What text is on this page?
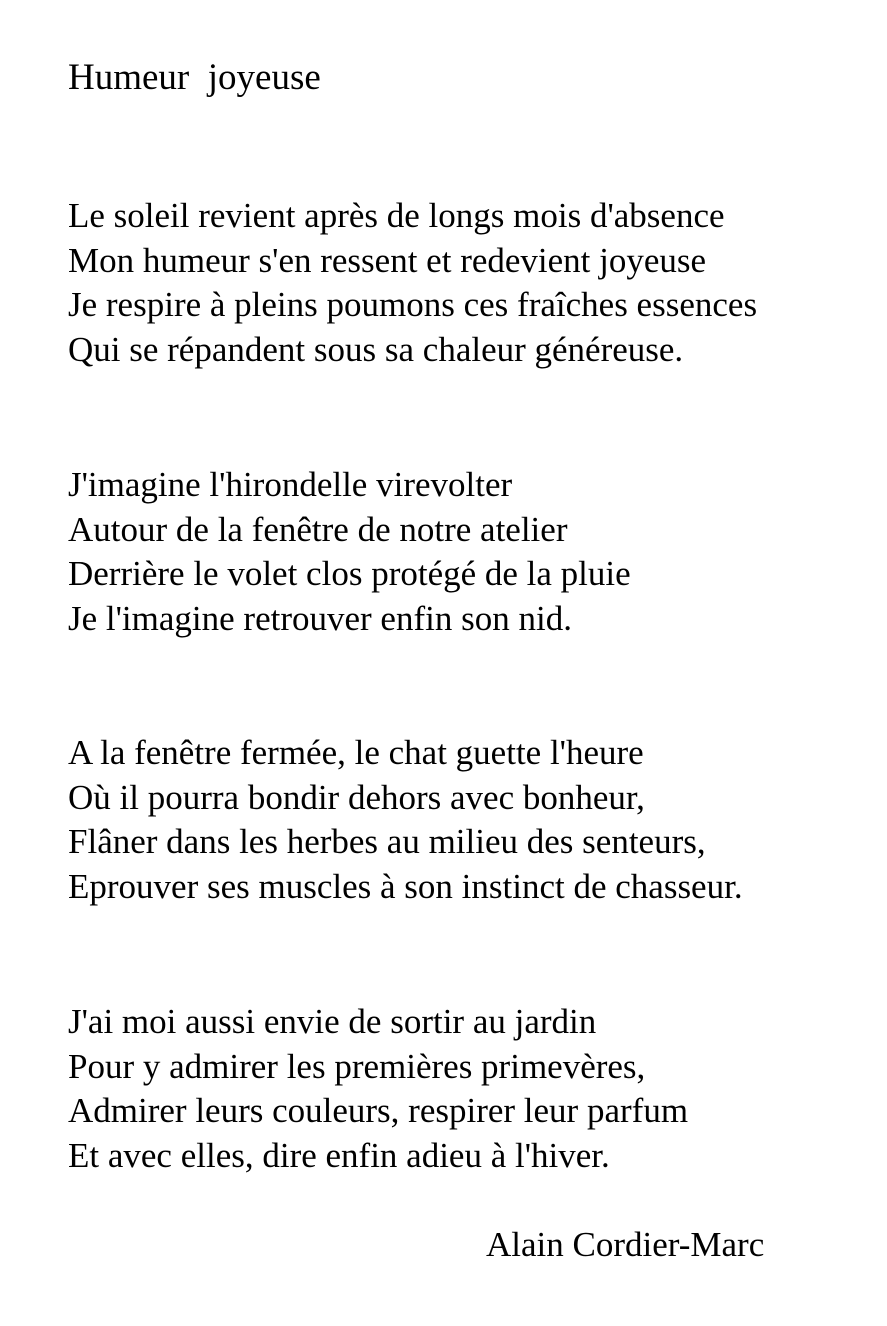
Humeur  joyeuse
Le soleil revient après de longs mois d'absence
Mon humeur s'en ressent et redevient joyeuse
Je respire à pleins poumons ces fraîches essences
Qui se répandent sous sa chaleur généreuse.
J'imagine l'hirondelle virevolter
Autour de la fenêtre de notre atelier
Derrière le volet clos protégé de la pluie
Je l'imagine retrouver enfin son nid.
A la fenêtre fermée, le chat guette l'heure
Où il pourra bondir dehors avec bonheur,
Flâner dans les herbes au milieu des senteurs,
Eprouver ses muscles à son instinct de chasseur.
J'ai moi aussi envie de sortir au jardin
Pour y admirer les premières primevères,
Admirer leurs couleurs, respirer leur parfum
Et avec elles, dire enfin adieu à l'hiver.
Alain Cordier-Marc
